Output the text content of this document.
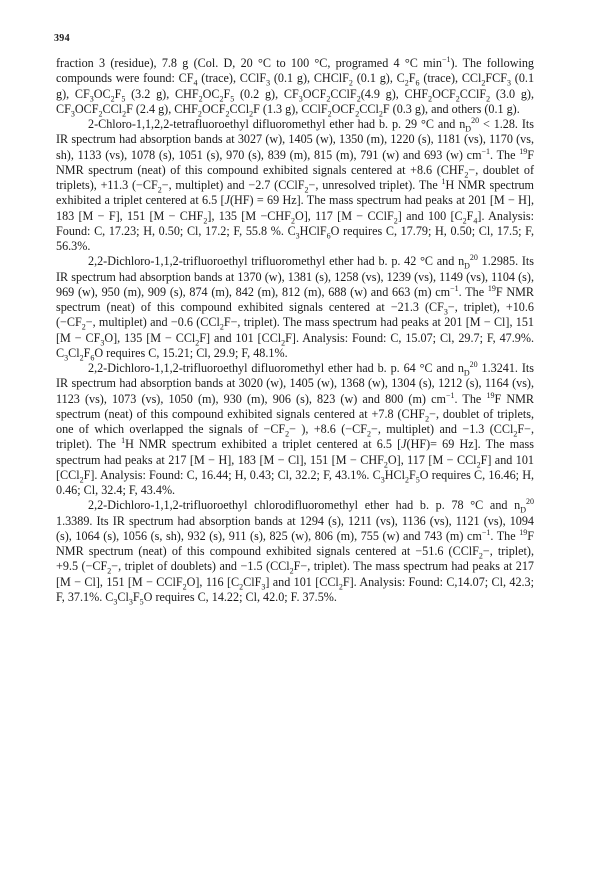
394

fraction 3 (residue), 7.8 g (Col. D, 20 °C to 100 °C, programed 4 °C $\min^{-1}$). The following compounds were found: $CF_4$ (trace), CClF$_3$ (0.1 g), CHClF$_2$ (0.1 g), $C_2F_6$ (trace), $CCl_2FCF_3$ (0.1 g), $CF_3OC_2F_5$ (3.2 g), $CHF_2OC_2F_5$ (0.2 g), $CF_3OCF_2CClF_2(4.9$ g), $CHF_2OCF_2CClF_2$ (3.0 g), $CF_3OCF_2CCl_2F$ (2.4 g), $CHF_2OCF_2CCl_2F$ (1.3 g), $CClF_2OCF_2CCl_2F$ (0.3 g), and others (0.1 g).

2-Chloro-1,1,2,2-tetrafluoroethyl difluoromethyl ether had b. p. 29 °C and $n_D^{20} < 1.28$. Its IR spectrum had absorption bands at 3027 (w), 1405 (w), 1350 (m), 1220 (s), 1181 (vs), 1170 (vs, sh), 1133 (vs), 1078 (s), 1051 (s), 970 (s), 839 (m), 815 (m), 791 (w) and 693 (w) $cm^{-1}$. The $^{19}$F NMR spectrum (neat) of this compound exhibited signals centered at +8.6 ($CHF_2-$, doublet of triplets), +11.3 ($-CF_2-$, multiplet) and −2.7 (CClF$_2$−, unresolved triplet). The $^1$H NMR spectrum exhibited a triplet centered at 6.5 [J(HF) = 69 Hz]. The mass spectrum had peaks at 201 [M − H], 183 [M − F], 151 $[M - CHF_2]$, 135 $[M -CHF_2O]$, 117 [M − CClF$_2$] and 100 $[C_2F_4]$. Analysis: Found: C, 17.23; H, 0.50; Cl, 17.2; F, 55.8 %. $C_3HClF_6O$ requires C, 17.79; H, 0.50; Cl, 17.5; F, 56.3%.

2,2-Dichloro-1,1,2-trifluoroethyl trifluoromethyl ether had b. p. 42 °C and $n_D^{20}$ 1.2985. Its IR spectrum had absorption bands at 1370 (w), 1381 (s), 1258 (vs), 1239 (vs), 1149 (vs), 1104 (s), 969 (w), 950 (m), 909 (s), 874 (m), 842 (m), 812 (m), 688 (w) and 663 (m) $cm^{-1}$. The $^{19}$F NMR spectrum (neat) of this compound exhibited signals centered at −21.3 ($CF_3-$, triplet), +10.6 ($-CF_2-$, multiplet) and −0.6 (CCl$_2$F−, triplet). The mass spectrum had peaks at 201 [M − Cl], 151 $[M - CF_3O]$, 135 [M − CCl$_2$F] and 101 [CCl$_2$F]. Analysis: Found: C, 15.07; Cl, 29.7; F, 47.9%. $C_3Cl_2F_6O$ requires C, 15.21; Cl, 29.9; F, 48.1%.

2,2-Dichloro-1,1,2-trifluoroethyl difluoromethyl ether had b. p. 64 °C and $n_D^{20}$ 1.3241. Its IR spectrum had absorption bands at 3020 (w), 1405 (w), 1368 (w), 1304 (s), 1212 (s), 1164 (vs), 1123 (vs), 1073 (vs), 1050 (m), 930 (m), 906 (s), 823 (w) and 800 (m) $cm^{-1}$. The $^{19}$F NMR spectrum (neat) of this compound exhibited signals centered at +7.8 ($CHF_2-$, doublet of triplets, one of which overlapped the signals of $-CF_2-$ ), +8.6 ($-CF_2-$, multiplet) and −1.3 (CCl$_2$F−, triplet). The $^1$H NMR spectrum exhibited a triplet centered at 6.5 [J(HF)= 69 Hz]. The mass spectrum had peaks at 217 [M − H], 183 [M − Cl], 151 $[M - CHF_2O]$, 117 [M − CCl$_2$F] and 101 [CCl$_2$F]. Analysis: Found: C, 16.44; H, 0.43; Cl, 32.2; F, 43.1%. $C_3HCl_2F_5O$ requires C, 16.46; H, 0.46; Cl, 32.4; F, 43.4%.

2,2-Dichloro-1,1,2-trifluoroethyl chlorodifluoromethyl ether had b. p. 78 °C and $n_D^{20}$ 1.3389. Its IR spectrum had absorption bands at 1294 (s), 1211 (vs), 1136 (vs), 1121 (vs), 1094 (s), 1064 (s), 1056 (s, sh), 932 (s), 911 (s), 825 (w), 806 (m), 755 (w) and 743 (m) $cm^{-1}$. The $^{19}$F NMR spectrum (neat) of this compound exhibited signals centered at −51.6 (CClF$_2$−, triplet), +9.5 ($-CF_2-$, triplet of doublets) and −1.5 (CCl$_2$F−, triplet). The mass spectrum had peaks at 217 [M − Cl], 151 [M − CClF$_2$O], 116 $[C_2ClF_3]$ and 101 [CCl$_2$F]. Analysis: Found: C,14.07; Cl, 42.3; F, 37.1%. $C_3Cl_3F_5O$ requires C, 14.22; Cl, 42.0; F. 37.5%.
